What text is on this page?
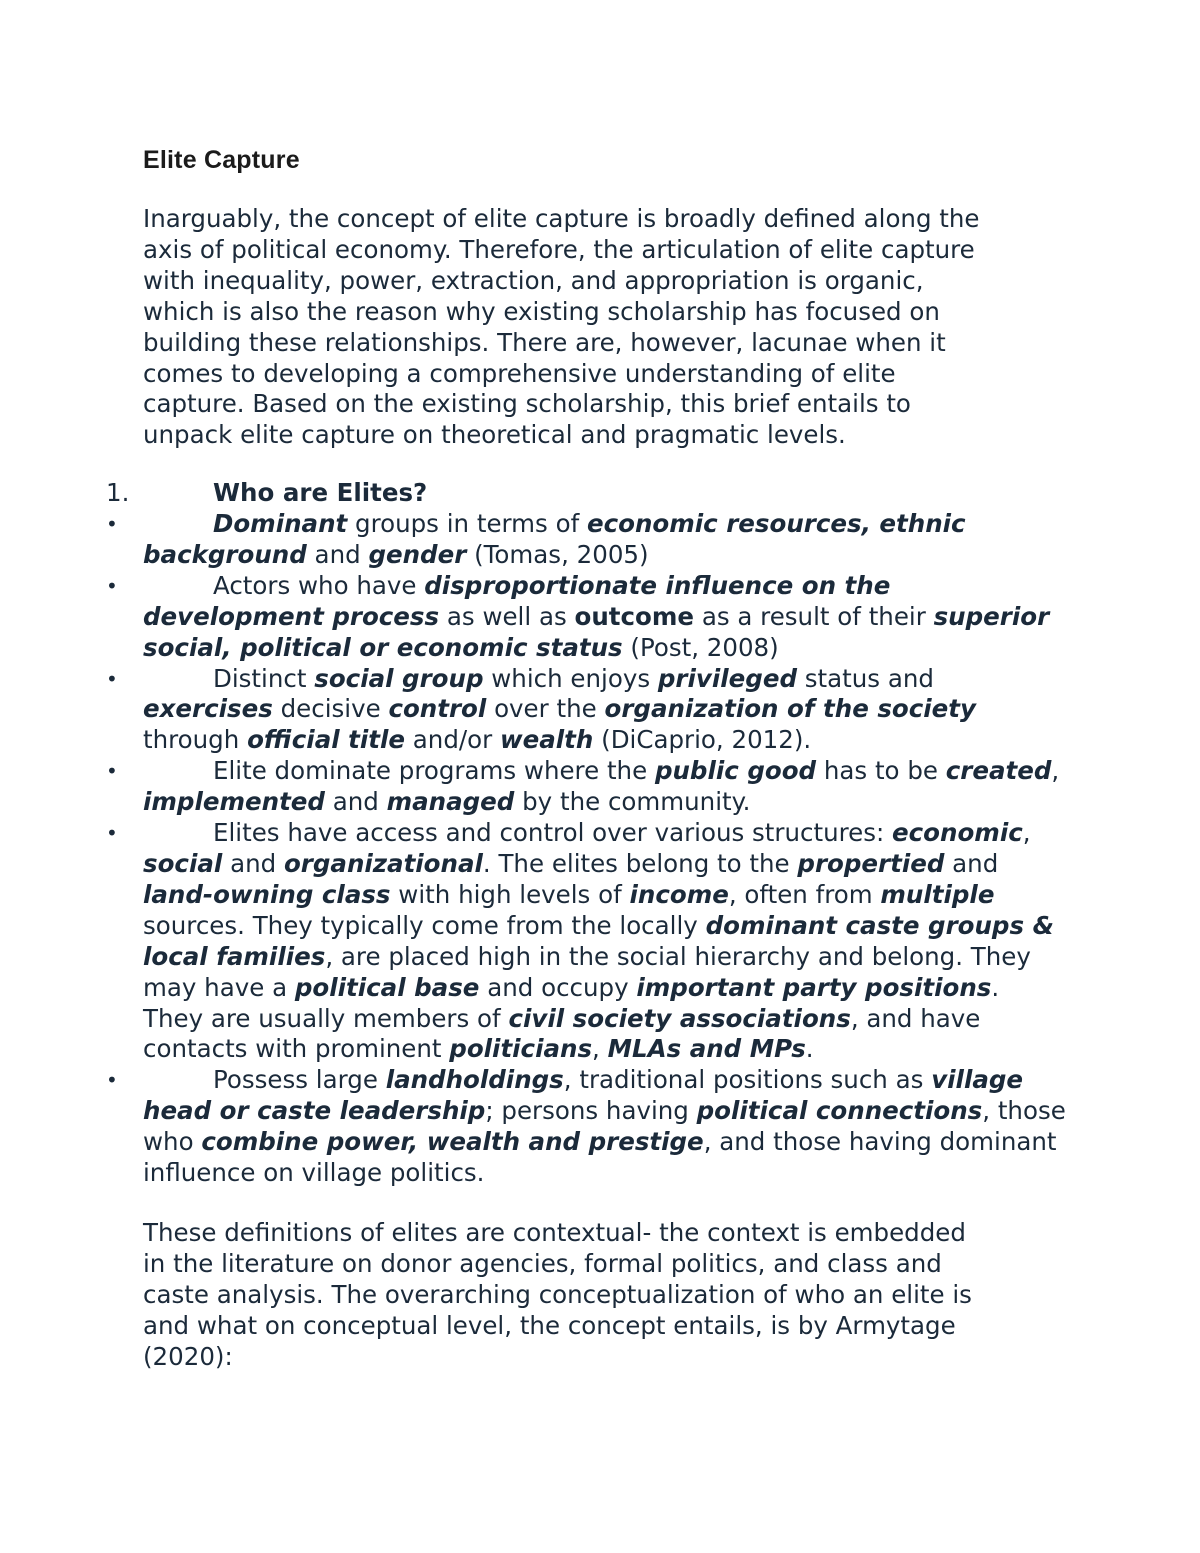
Elite Capture
Inarguably, the concept of elite capture is broadly defined along the
axis of political economy. Therefore, the articulation of elite capture
with inequality, power, extraction, and appropriation is organic,
which is also the reason why existing scholarship has focused on
building these relationships. There are, however, lacunae when it
comes to developing a comprehensive understanding of elite
capture. Based on the existing scholarship, this brief entails to
unpack elite capture on theoretical and pragmatic levels.
1.	Who are Elites?
•	Dominant groups in terms of economic resources, ethnic background and gender (Tomas, 2005)
•	Actors who have disproportionate influence on the development process as well as outcome as a result of their superior social, political or economic status (Post, 2008)
•	Distinct social group which enjoys privileged status and exercises decisive control over the organization of the society through official title and/or wealth (DiCaprio, 2012).
•	Elite dominate programs where the public good has to be created, implemented and managed by the community.
•	Elites have access and control over various structures: economic, social and organizational. The elites belong to the propertied and land-owning class with high levels of income, often from multiple sources. They typically come from the locally dominant caste groups & local families, are placed high in the social hierarchy and belong. They may have a political base and occupy important party positions. They are usually members of civil society associations, and have contacts with prominent politicians, MLAs and MPs.
•	Possess large landholdings, traditional positions such as village head or caste leadership; persons having political connections, those who combine power, wealth and prestige, and those having dominant influence on village politics.
These definitions of elites are contextual- the context is embedded
in the literature on donor agencies, formal politics, and class and
caste analysis. The overarching conceptualization of who an elite is
and what on conceptual level, the concept entails, is by Armytage
(2020):
